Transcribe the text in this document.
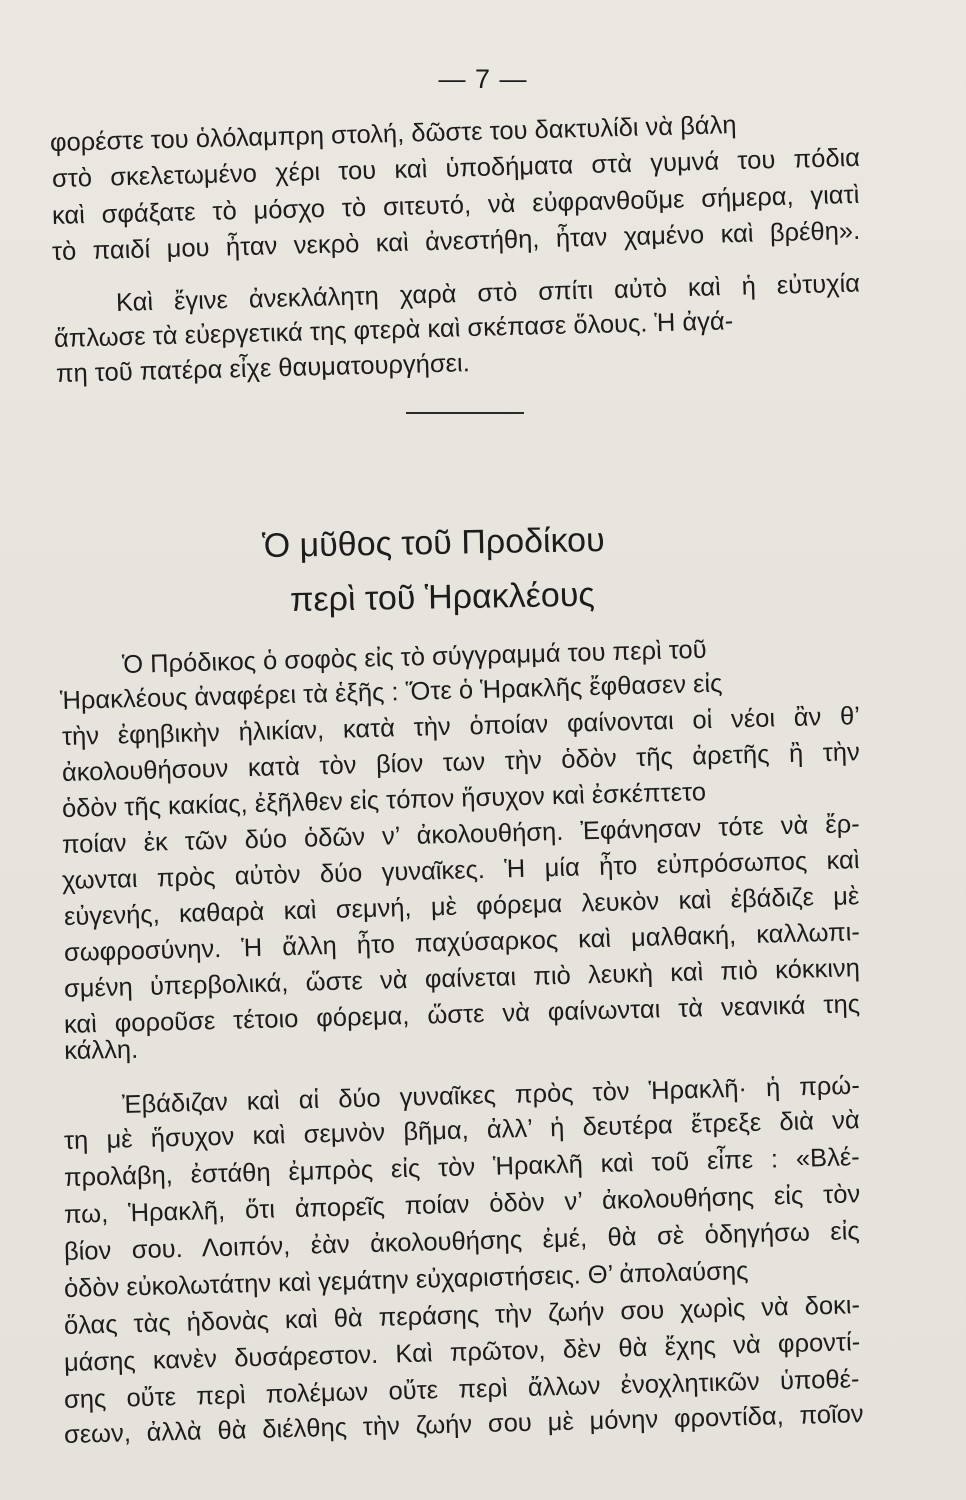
— 7 —
φορέστε του ὁλόλαμπρη στολή, δῶστε του δακτυλίδι νὰ βάλη
στὸ σκελετωμένο χέρι του καὶ ὑποδήματα στὰ γυμνά του πόδια
καὶ σφάξατε τὸ μόσχο τὸ σιτευτό, νὰ εὐφρανθοῦμε σήμερα, γιατὶ
τὸ παιδί μου ἦταν νεκρὸ καὶ ἀνεστήθη, ἦταν χαμένο καὶ βρέθη».
Καὶ ἔγινε ἀνεκλάλητη χαρὰ στὸ σπίτι αὐτὸ καὶ ἡ εὐτυχία
ἅπλωσε τὰ εὐεργετικά της φτερὰ καὶ σκέπασε ὅλους. Ἡ ἀγά-
πη τοῦ πατέρα εἶχε θαυματουργήσει.
Ὁ μῦθος τοῦ Προδίκου
περὶ τοῦ Ἡρακλέους
Ὁ Πρόδικος ὁ σοφὸς εἰς τὸ σύγγραμμά του περὶ τοῦ
Ἡρακλέους ἀναφέρει τὰ ἑξῆς : Ὅτε ὁ Ἡρακλῆς ἔφθασεν εἰς
τὴν ἐφηβικὴν ἡλικίαν, κατὰ τὴν ὁποίαν φαίνονται οἱ νέοι ἂν θ’
ἀκολουθήσουν κατὰ τὸν βίον των τὴν ὁδὸν τῆς ἀρετῆς ἢ τὴν
ὁδὸν τῆς κακίας, ἐξῆλθεν εἰς τόπον ἥσυχον καὶ ἐσκέπτετο
ποίαν ἐκ τῶν δύο ὁδῶν ν’ ἀκολουθήση. Ἐφάνησαν τότε νὰ ἔρ-
χωνται πρὸς αὐτὸν δύο γυναῖκες. Ἡ μία ἦτο εὐπρόσωπος καὶ
εὐγενής, καθαρὰ καὶ σεμνή, μὲ φόρεμα λευκὸν καὶ ἐβάδιζε μὲ
σωφροσύνην. Ἡ ἄλλη ἦτο παχύσαρκος καὶ μαλθακή, καλλωπι-
σμένη ὑπερβολικά, ὥστε νὰ φαίνεται πιὸ λευκὴ καὶ πιὸ κόκκινη
καὶ φοροῦσε τέτοιο φόρεμα, ὥστε νὰ φαίνωνται τὰ νεανικά της
κάλλη.
Ἐβάδιζαν καὶ αἱ δύο γυναῖκες πρὸς τὸν Ἡρακλῆ· ἡ πρώ-
τη μὲ ἥσυχον καὶ σεμνὸν βῆμα, ἀλλ’ ἡ δευτέρα ἔτρεξε διὰ νὰ
προλάβη, ἐστάθη ἐμπρὸς εἰς τὸν Ἡρακλῆ καὶ τοῦ εἶπε : «Βλέ-
πω, Ἡρακλῆ, ὅτι ἀπορεῖς ποίαν ὁδὸν ν’ ἀκολουθήσης εἰς τὸν
βίον σου. Λοιπόν, ἐὰν ἀκολουθήσης ἐμέ, θὰ σὲ ὁδηγήσω εἰς
ὁδὸν εὐκολωτάτην καὶ γεμάτην εὐχαριστήσεις. Θ’ ἀπολαύσης
ὅλας τὰς ἡδονὰς καὶ θὰ περάσης τὴν ζωήν σου χωρὶς νὰ δοκι-
μάσης κανὲν δυσάρεστον. Καὶ πρῶτον, δὲν θὰ ἔχης νὰ φροντί-
σης οὔτε περὶ πολέμων οὔτε περὶ ἄλλων ἐνοχλητικῶν ὑποθέ-
σεων, ἀλλὰ θὰ διέλθης τὴν ζωήν σου μὲ μόνην φροντίδα, ποῖον
